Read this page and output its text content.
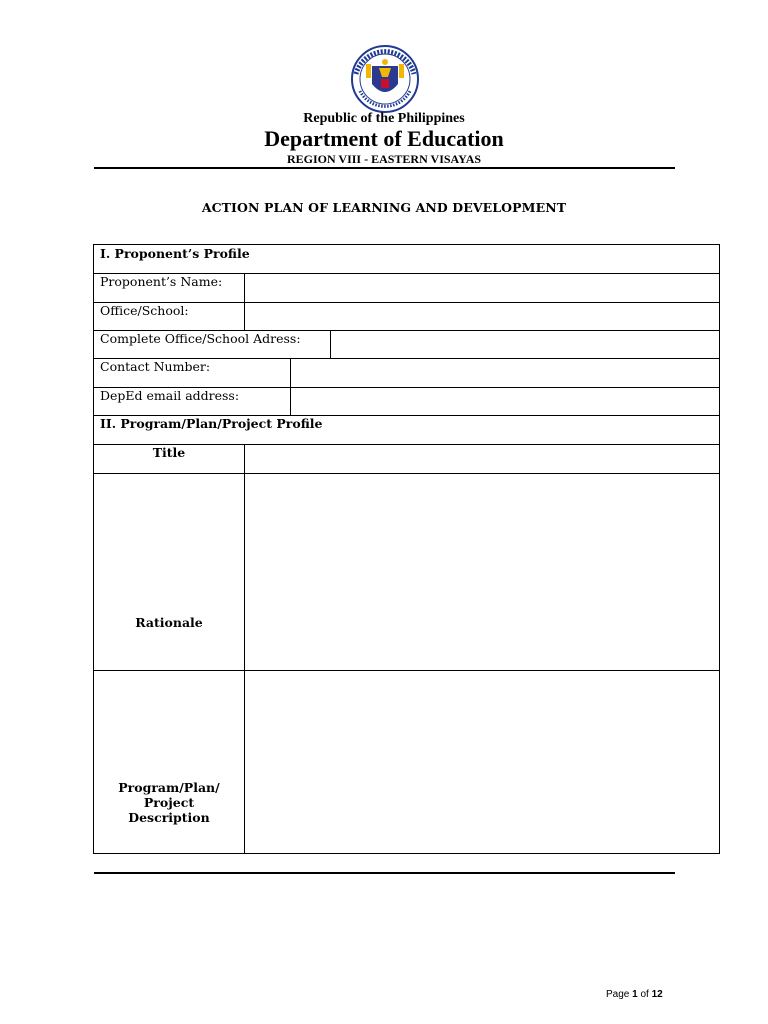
Republic of the Philippines
Department of Education
REGION VIII - EASTERN VISAYAS
ACTION PLAN OF LEARNING AND DEVELOPMENT
I. Proponent’s Profile
Proponent’s Name:
Office/School:
Complete Office/School Adress:
Contact Number:
DepEd email address:
II. Program/Plan/Project Profile
Title
Rationale
Program/Plan/
Project
Description
Page 1 of 12
